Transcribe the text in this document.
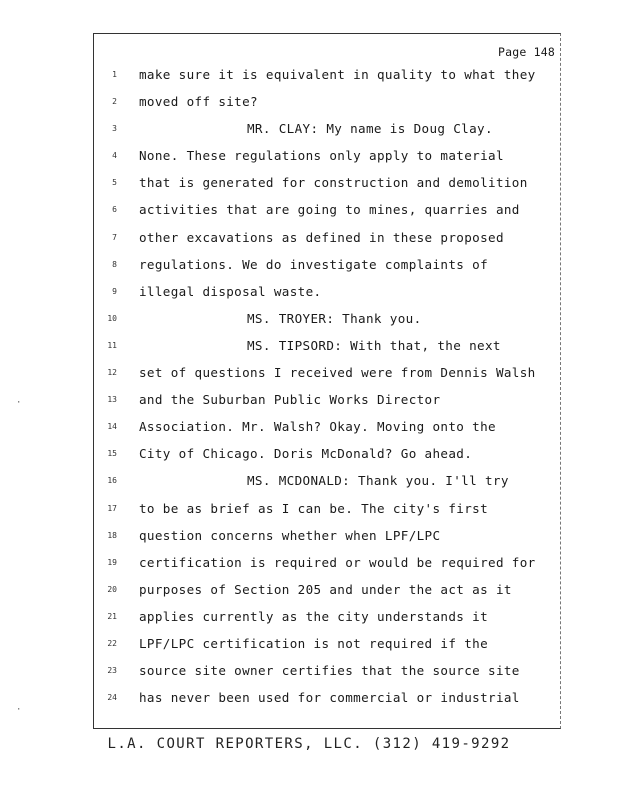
Page 148
1 make sure it is equivalent in quality to what they
2 moved off site?
3	MR. CLAY: My name is Doug Clay.
4 None. These regulations only apply to material
5 that is generated for construction and demolition
6 activities that are going to mines, quarries and
7 other excavations as defined in these proposed
8 regulations. We do investigate complaints of
9 illegal disposal waste.
10	MS. TROYER: Thank you.
11	MS. TIPSORD: With that, the next
12 set of questions I received were from Dennis Walsh
13 and the Suburban Public Works Director
14 Association. Mr. Walsh? Okay. Moving onto the
15 City of Chicago. Doris McDonald? Go ahead.
16	MS. MCDONALD: Thank you. I'll try
17 to be as brief as I can be. The city's first
18 question concerns whether when LPF/LPC
19 certification is required or would be required for
20 purposes of Section 205 and under the act as it
21 applies currently as the city understands it
22 LPF/LPC certification is not required if the
23 source site owner certifies that the source site
24 has never been used for commercial or industrial
L.A. COURT REPORTERS, LLC. (312) 419-9292
·
·
